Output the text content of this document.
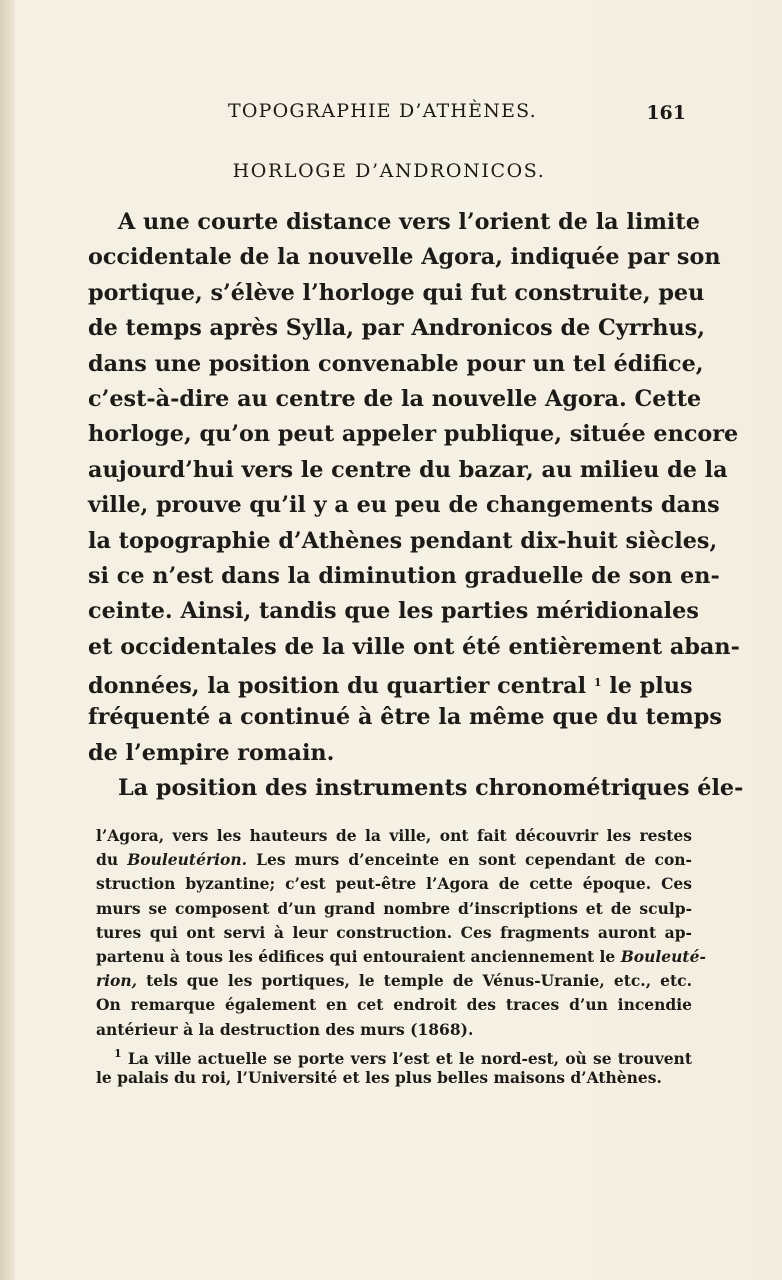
TOPOGRAPHIE D’ATHÈNES.	161
HORLOGE D’ANDRONICOS.
A une courte distance vers l’orient de la limite
occidentale de la nouvelle Agora, indiquée par son
portique, s’élève l’horloge qui fut construite, peu
de temps après Sylla, par Andronicos de Cyrrhus,
dans une position convenable pour un tel édifice,
c’est-à-dire au centre de la nouvelle Agora. Cette
horloge, qu’on peut appeler publique, située encore
aujourd’hui vers le centre du bazar, au milieu de la
ville, prouve qu’il y a eu peu de changements dans
la topographie d’Athènes pendant dix-huit siècles,
si ce n’est dans la diminution graduelle de son en-
ceinte. Ainsi, tandis que les parties méridionales
et occidentales de la ville ont été entièrement aban-
données, la position du quartier central $^1$ le plus
fréquenté a continué à être la même que du temps
de l’empire romain.
La position des instruments chronométriques éle-
l’Agora, vers les hauteurs de la ville, ont fait découvrir les restes
du Bouleutérion. Les murs d’enceinte en sont cependant de con-
struction byzantine; c’est peut-être l’Agora de cette époque. Ces
murs se composent d’un grand nombre d’inscriptions et de sculp-
tures qui ont servi à leur construction. Ces fragments auront ap-
partenu à tous les édifices qui entouraient anciennement le Bouleuté-
rion, tels que les portiques, le temple de Vénus-Uranie, etc., etc.
On remarque également en cet endroit des traces d’un incendie
antérieur à la destruction des murs (1868).
$^1$ La ville actuelle se porte vers l’est et le nord-est, où se trouvent
le palais du roi, l’Université et les plus belles maisons d’Athènes.
